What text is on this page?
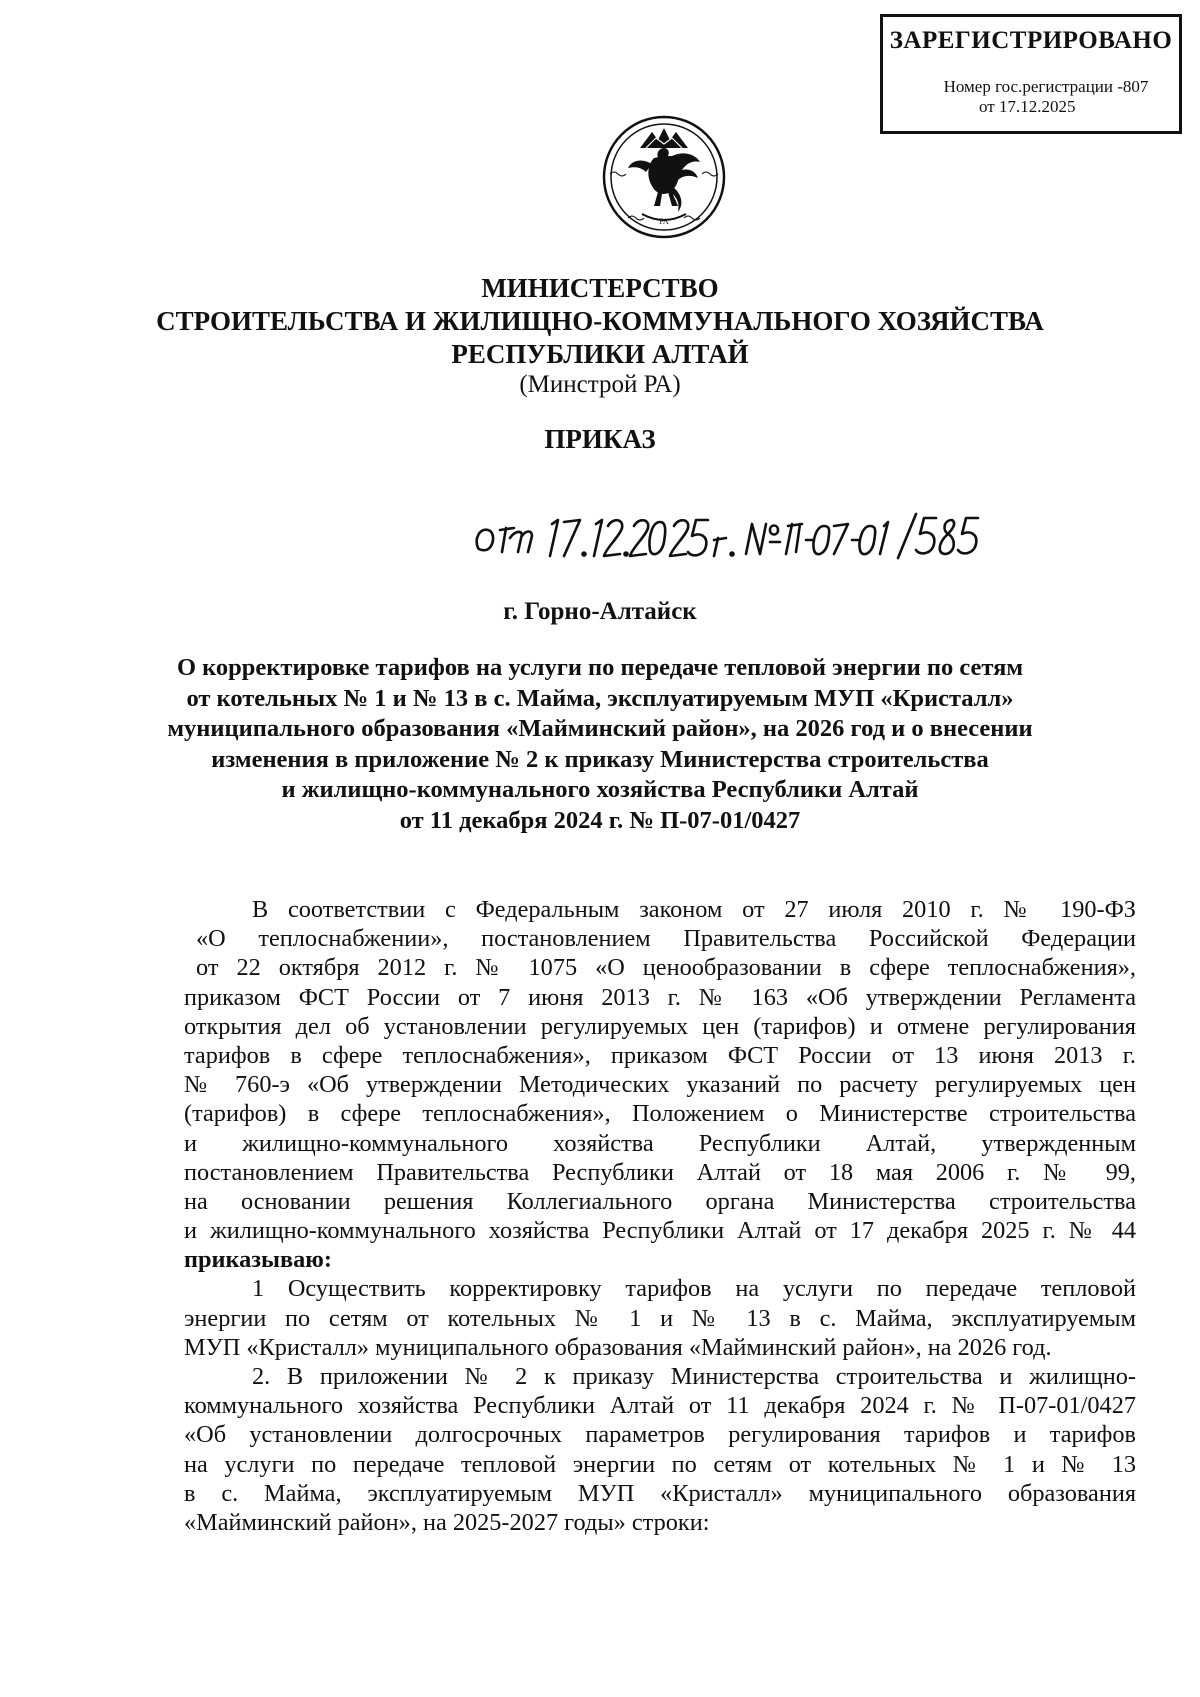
ЗАРЕГИСТРИРОВАНО
Номер гос.регистрации -807
от 17.12.2025
РА
МИНИСТЕРСТВО
СТРОИТЕЛЬСТВА И ЖИЛИЩНО-КОММУНАЛЬНОГО ХОЗЯЙСТВА
РЕСПУБЛИКИ АЛТАЙ
(Минстрой РА)
ПРИКАЗ
от 17.12.2025г. № П-07-01/585
г. Горно-Алтайск
О корректировке тарифов на услуги по передаче тепловой энергии по сетям
от котельных № 1 и № 13 в с. Майма, эксплуатируемым МУП «Кристалл»
муниципального образования «Майминский район», на 2026 год и о внесении
изменения в приложение № 2 к приказу Министерства строительства
и жилищно-коммунального хозяйства Республики Алтай
от 11 декабря 2024 г. № П-07-01/0427
В соответствии с Федеральным законом от 27 июля 2010 г. № 190-ФЗ
«О теплоснабжении», постановлением Правительства Российской Федерации
от 22 октября 2012 г. № 1075 «О ценообразовании в сфере теплоснабжения»,
приказом ФСТ России от 7 июня 2013 г. № 163 «Об утверждении Регламента
открытия дел об установлении регулируемых цен (тарифов) и отмене регулирования
тарифов в сфере теплоснабжения», приказом ФСТ России от 13 июня 2013 г.
№ 760-э «Об утверждении Методических указаний по расчету регулируемых цен
(тарифов) в сфере теплоснабжения», Положением о Министерстве строительства
и жилищно-коммунального хозяйства Республики Алтай, утвержденным
постановлением Правительства Республики Алтай от 18 мая 2006 г. № 99,
на основании решения Коллегиального органа Министерства строительства
и жилищно-коммунального хозяйства Республики Алтай от 17 декабря 2025 г. № 44
приказываю:
1 Осуществить корректировку тарифов на услуги по передаче тепловой
энергии по сетям от котельных № 1 и № 13 в с. Майма, эксплуатируемым
МУП «Кристалл» муниципального образования «Майминский район», на 2026 год.
2. В приложении № 2 к приказу Министерства строительства и жилищно-
коммунального хозяйства Республики Алтай от 11 декабря 2024 г. № П-07-01/0427
«Об установлении долгосрочных параметров регулирования тарифов и тарифов
на услуги по передаче тепловой энергии по сетям от котельных № 1 и № 13
в с. Майма, эксплуатируемым МУП «Кристалл» муниципального образования
«Майминский район», на 2025-2027 годы» строки:
